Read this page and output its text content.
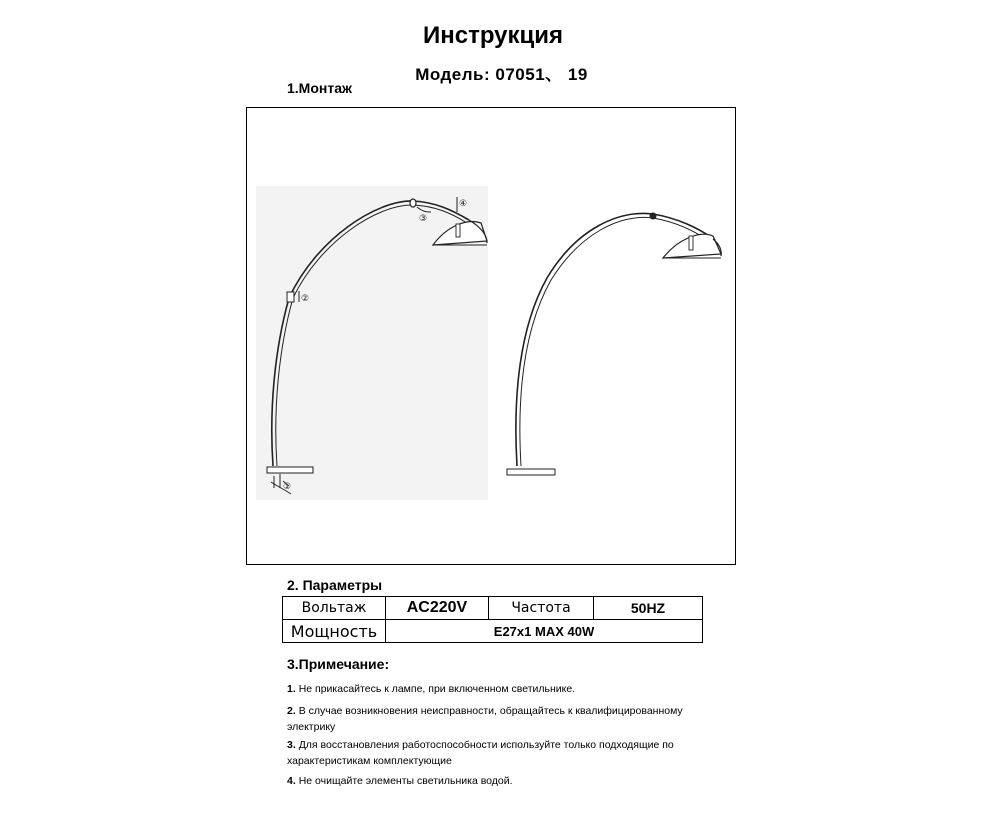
Инструкция
Модель: 07051、 19
1.Монтаж
①
②
③
④
2. Параметры
Вольтаж	AC220V	Частота	50HZ
Мощность	E27x1 MAX 40W		
3.Примечание:
1. Не прикасайтесь к лампе, при включенном светильнике.
2. В случае возникновения неисправности, обращайтесь к квалифицированному электрику
3. Для восстановления работоспособности используйте только подходящие по характеристикам комплектующие
4. Не очищайте элементы светильника водой.
